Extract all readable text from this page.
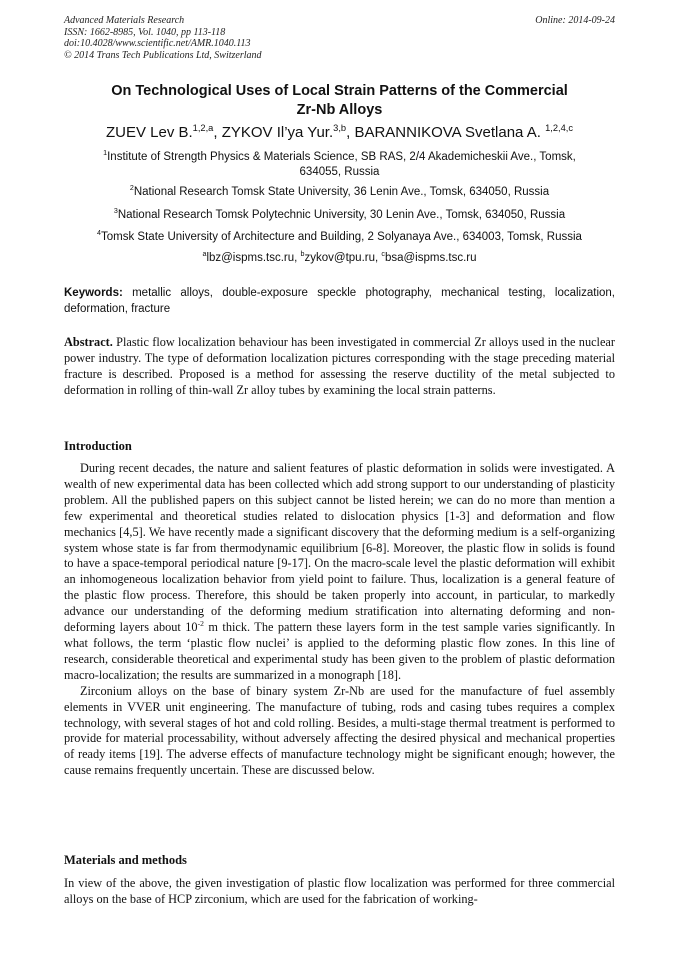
Advanced Materials Research
ISSN: 1662-8985, Vol. 1040, pp 113-118
doi:10.4028/www.scientific.net/AMR.1040.113
© 2014 Trans Tech Publications Ltd, Switzerland
Online: 2014-09-24
On Technological Uses of Local Strain Patterns of the Commercial
Zr-Nb Alloys
ZUEV Lev B.$^{1,2,a}$, ZYKOV Il’ya Yur.$^{3,b}$, BARANNIKOVA Svetlana A. $^{1,2,4,c}$
$^1$Institute of Strength Physics & Materials Science, SB RAS, 2/4 Akademicheskii Ave., Tomsk,
634055, Russia
$^2$National Research Tomsk State University, 36 Lenin Ave., Tomsk, 634050, Russia
$^3$National Research Tomsk Polytechnic University, 30 Lenin Ave., Tomsk, 634050, Russia
$^4$Tomsk State University of Architecture and Building, 2 Solyanaya Ave., 634003, Tomsk, Russia
$^a$lbz@ispms.tsc.ru, $^b$zykov@tpu.ru, $^c$bsa@ispms.tsc.ru
Keywords: metallic alloys, double-exposure speckle photography, mechanical testing, localization, deformation, fracture
Abstract. Plastic flow localization behaviour has been investigated in commercial Zr alloys used in the nuclear power industry. The type of deformation localization pictures corresponding with the stage preceding material fracture is described. Proposed is a method for assessing the reserve ductility of the metal subjected to deformation in rolling of thin-wall Zr alloy tubes by examining the local strain patterns.
Introduction

During recent decades, the nature and salient features of plastic deformation in solids were investigated. A wealth of new experimental data has been collected which add strong support to our understanding of plasticity problem. All the published papers on this subject cannot be listed herein; we can do no more than mention a few experimental and theoretical studies related to dislocation physics [1-3] and deformation and flow mechanics [4,5]. We have recently made a significant discovery that the deforming medium is a self-organizing system whose state is far from thermodynamic equilibrium [6-8]. Moreover, the plastic flow in solids is found to have a space-temporal periodical nature [9-17]. On the macro-scale level the plastic deformation will exhibit an inhomogeneous localization behavior from yield point to failure. Thus, localization is a general feature of the plastic flow process. Therefore, this should be taken properly into account, in particular, to markedly advance our understanding of the deforming medium stratification into alternating deforming and non-deforming layers about $10^{-2}$ m thick. The pattern these layers form in the test sample varies significantly. In what follows, the term ‘plastic flow nuclei’ is applied to the deforming plastic flow zones. In this line of research, considerable theoretical and experimental study has been given to the problem of plastic deformation macro-localization; the results are summarized in a monograph [18].

Zirconium alloys on the base of binary system Zr-Nb are used for the manufacture of fuel assembly elements in VVER unit engineering. The manufacture of tubing, rods and casing tubes requires a complex technology, with several stages of hot and cold rolling. Besides, a multi-stage thermal treatment is performed to provide for material processability, without adversely affecting the desired physical and mechanical properties of ready items [19]. The adverse effects of manufacture technology might be significant enough; however, the cause remains frequently uncertain. These are discussed below.

Materials and methods

In view of the above, the given investigation of plastic flow localization was performed for three commercial alloys on the base of HCP zirconium, which are used for the fabrication of working-
